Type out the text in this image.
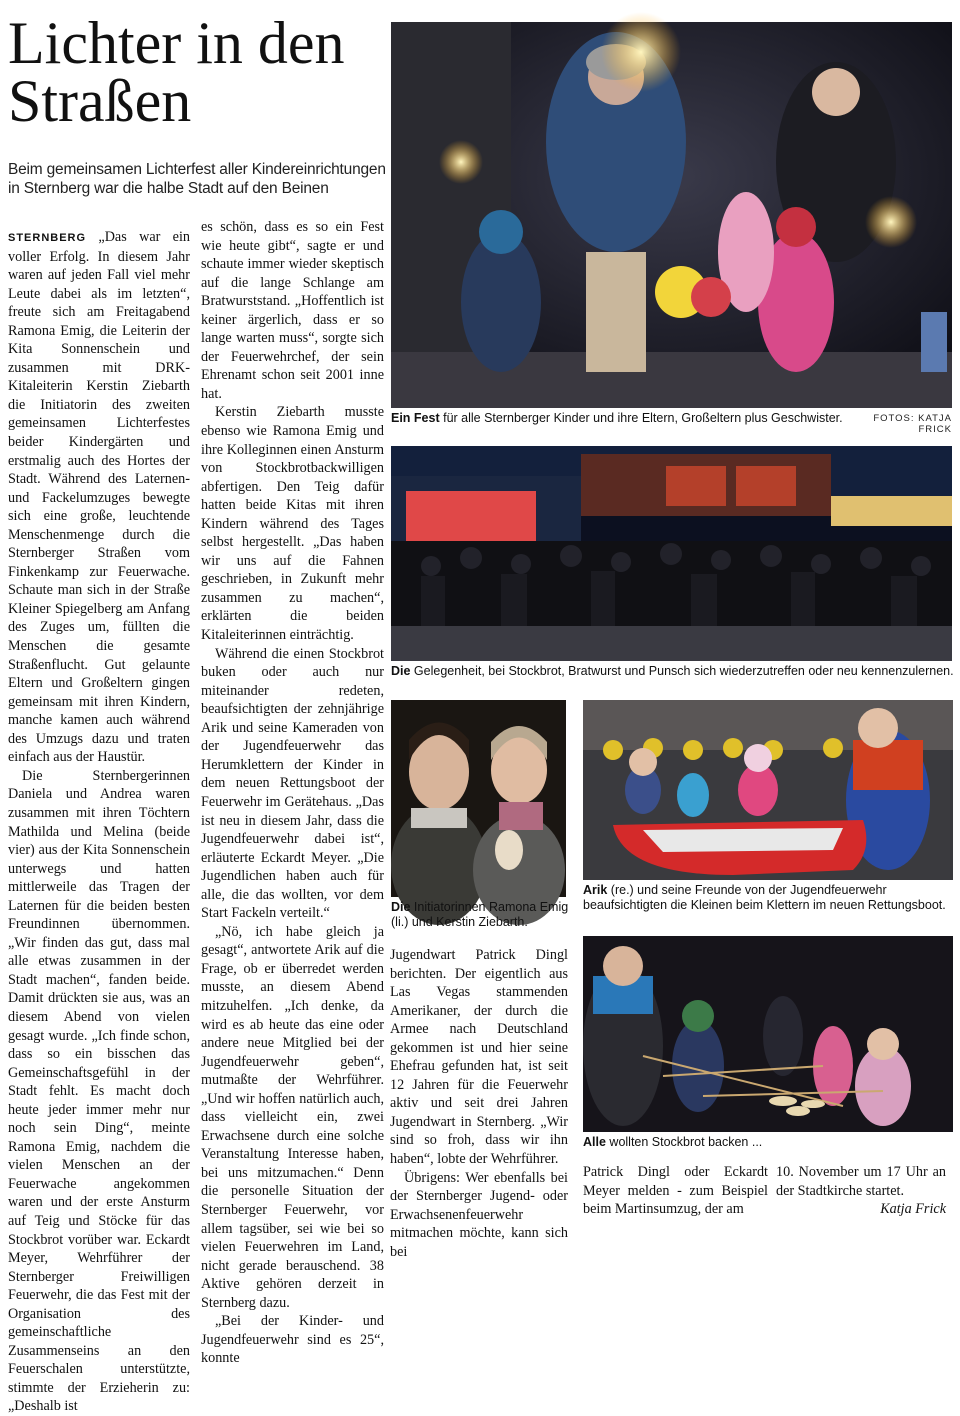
Lichter in den Straßen
Beim gemeinsamen Lichterfest aller Kindereinrichtungen in Sternberg war die halbe Stadt auf den Beinen

STERNBERG „Das war ein voller Erfolg. In diesem Jahr waren auf jeden Fall viel mehr Leute dabei als im letzten“, freute sich am Freitagabend Ramona Emig, die Leiterin der Kita Sonnenschein und zusammen mit DRK-Kitaleiterin Kerstin Ziebarth die Initiatorin des zweiten gemeinsamen Lichterfestes beider Kindergärten und erstmalig auch des Hortes der Stadt. Während des Laternen- und Fackelumzuges bewegte sich eine große, leuchtende Menschenmenge durch die Sternberger Straßen vom Finkenkamp zur Feuerwache. Schaute man sich in der Straße Kleiner Spiegelberg am Anfang des Zuges um, füllten die Menschen die gesamte Straßenflucht. Gut gelaunte Eltern und Großeltern gingen gemeinsam mit ihren Kindern, manche kamen auch während des Umzugs dazu und traten einfach aus der Haustür.

Die Sternbergerinnen Daniela und Andrea waren zusammen mit ihren Töchtern Mathilda und Melina (beide vier) aus der Kita Sonnenschein unterwegs und hatten mittlerweile das Tragen der Laternen für die beiden besten Freundinnen übernommen. „Wir finden das gut, dass mal alle etwas zusammen in der Stadt machen“, fanden beide. Damit drückten sie aus, was an diesem Abend von vielen gesagt wurde. „Ich finde schon, dass so ein bisschen das Gemeinschaftsgefühl in der Stadt fehlt. Es macht doch heute jeder immer mehr nur noch sein Ding“, meinte Ramona Emig, nachdem die vielen Menschen an der Feuerwache angekommen waren und der erste Ansturm auf Teig und Stöcke für das Stockbrot vorüber war. Eckardt Meyer, Wehrführer der Sternberger Freiwilligen Feuerwehr, die das Fest mit der Organisation des gemeinschaftliche Zusammenseins an den Feuerschalen unterstützte, stimmte der Erzieherin zu: „Deshalb ist

es schön, dass es so ein Fest wie heute gibt“, sagte er und schaute immer wieder skeptisch auf die lange Schlange am Bratwurststand. „Hoffentlich ist keiner ärgerlich, dass er so lange warten muss“, sorgte sich der Feuerwehrchef, der sein Ehrenamt schon seit 2001 inne hat.

Kerstin Ziebarth musste ebenso wie Ramona Emig und ihre Kolleginnen einen Ansturm von Stockbrotbackwilligen abfertigen. Den Teig dafür hatten beide Kitas mit ihren Kindern während des Tages selbst hergestellt. „Das haben wir uns auf die Fahnen geschrieben, in Zukunft mehr zusammen zu machen“, erklärten die beiden Kitaleiterinnen einträchtig.

Während die einen Stockbrot buken oder auch nur miteinander redeten, beaufsichtigten der zehnjährige Arik und seine Kameraden von der Jugendfeuerwehr das Herumklettern der Kinder in dem neuen Rettungsboot der Feuerwehr im Gerätehaus. „Das ist neu in diesem Jahr, dass die Jugendfeuerwehr dabei ist“, erläuterte Eckardt Meyer. „Die Jugendlichen haben auch für alle, die das wollten, vor dem Start Fackeln verteilt.“

„Nö, ich habe gleich ja gesagt“, antwortete Arik auf die Frage, ob er überredet werden musste, an diesem Abend mitzuhelfen. „Ich denke, da wird es ab heute das eine oder andere neue Mitglied bei der Jugendfeuerwehr geben“, mutmaßte der Wehrführer. „Und wir hoffen natürlich auch, dass vielleicht ein, zwei Erwachsene durch eine solche Veranstaltung Interesse haben, bei uns mitzumachen.“ Denn die personelle Situation der Sternberger Feuerwehr, vor allem tagsüber, sei wie bei so vielen Feuerwehren im Land, nicht gerade berauschend. 38 Aktive gehören derzeit in Sternberg dazu.

„Bei der Kinder- und Jugendfeuerwehr sind es 25“, konnte

Ein Fest für alle Sternberger Kinder und ihre Eltern, Großeltern plus Geschwister.	FOTOS: KATJA FRICK
Die Gelegenheit, bei Stockbrot, Bratwurst und Punsch sich wiederzutreffen oder neu kennenzulernen.
Die Initiatorinnen Ramona Emig (li.) und Kerstin Ziebarth.
Arik (re.) und seine Freunde von der Jugendfeuerwehr beaufsichtigten die Kleinen beim Klettern im neuen Rettungsboot.
Alle wollten Stockbrot backen ...

Jugendwart Patrick Dingl berichten. Der eigentlich aus Las Vegas stammenden Amerikaner, der durch die Armee nach Deutschland gekommen ist und hier seine Ehefrau gefunden hat, ist seit 12 Jahren für die Feuerwehr aktiv und seit drei Jahren Jugendwart in Sternberg. „Wir sind so froh, dass wir ihn haben“, lobte der Wehrführer.

Übrigens: Wer ebenfalls bei der Sternberger Jugend- oder Erwachsenenfeuerwehr mitmachen möchte, kann sich bei

Patrick Dingl oder Eckardt Meyer melden - zum Beispiel beim Martinsumzug, der am

10. November um 17 Uhr an der Stadtkirche startet.

Katja Frick
